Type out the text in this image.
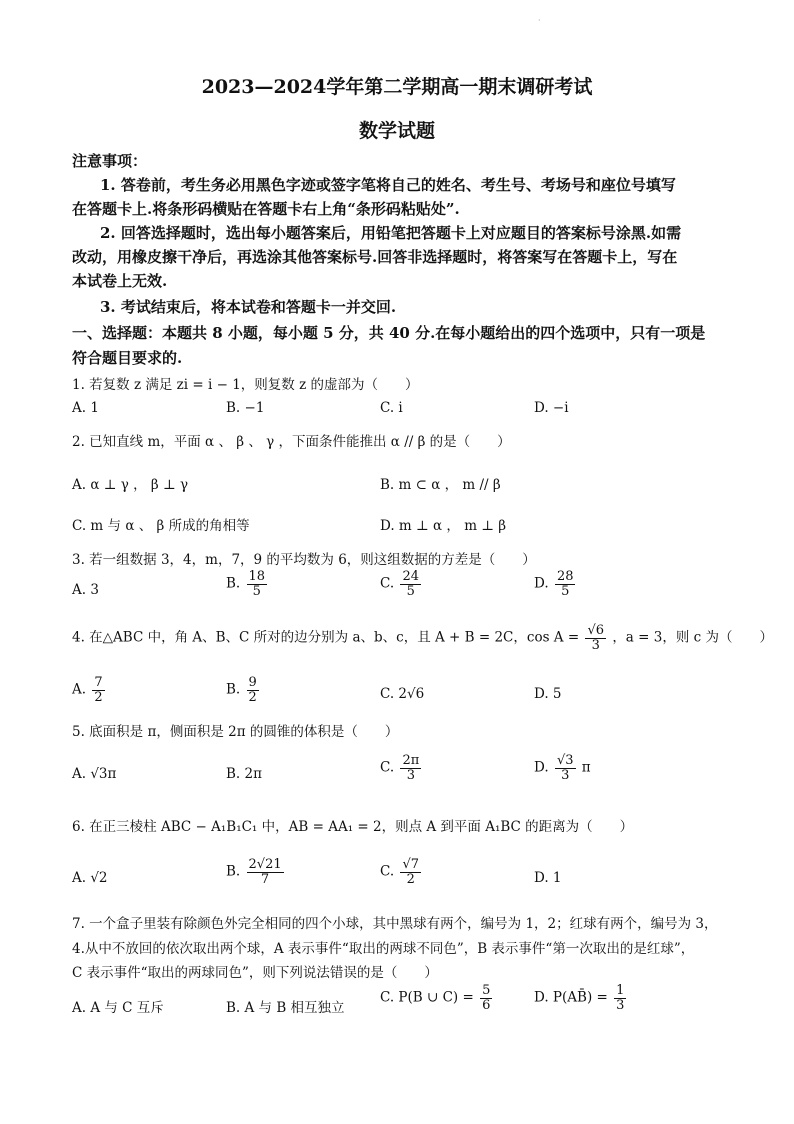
·
2023—2024学年第二学期高一期末调研考试
数学试题
注意事项：
1. 答卷前，考生务必用黑色字迹或签字笔将自己的姓名、考生号、考场号和座位号填写
在答题卡上.将条形码横贴在答题卡右上角“条形码粘贴处”.
2. 回答选择题时，选出每小题答案后，用铅笔把答题卡上对应题目的答案标号涂黑.如需
改动，用橡皮擦干净后，再选涂其他答案标号.回答非选择题时，将答案写在答题卡上，写在
本试卷上无效.
3. 考试结束后，将本试卷和答题卡一并交回.
一、选择题：本题共 8 小题，每小题 5 分，共 40 分.在每小题给出的四个选项中，只有一项是
符合题目要求的.
1. 若复数 z 满足 zi = i − 1，则复数 z 的虚部为（　　）
A. 1	B. −1	C. i	D. −i
2. 已知直线 m，平面 α 、 β 、 γ ，下面条件能推出 α // β 的是（　　）
A. α ⊥ γ ， β ⊥ γ	B. m ⊂ α ， m // β
C. m 与 α 、 β 所成的角相等	D. m ⊥ α ， m ⊥ β
3. 若一组数据 3，4，m，7，9 的平均数为 6，则这组数据的方差是（　　）
A. 3	B. $\frac{18}{5}$	C. $\frac{24}{5}$	D. $\frac{28}{5}$
4. 在△ABC 中，角 A、B、C 所对的边分别为 a、b、c，且 A + B = 2C，$\cos A = \frac{√6}{3}$ ，a = 3，则 c 为（　　）
A. $\frac{7}{2}$	B. $\frac{9}{2}$	C. 2√6	D. 5
5. 底面积是 π，侧面积是 2π 的圆锥的体积是（　　）
A. √3π	B. 2π	C. $\frac{2\pi}{3}$	D. $\frac{√3}{3}$ π
6. 在正三棱柱 ABC − A₁B₁C₁ 中，AB = AA₁ = 2，则点 A 到平面 A₁BC 的距离为（　　）
A. √2	B. $\frac{2√21}{7}$	C. $\frac{√7}{2}$	D. 1
7. 一个盒子里装有除颜色外完全相同的四个小球，其中黑球有两个，编号为 1，2；红球有两个，编号为 3，
4.从中不放回的依次取出两个球，A 表示事件“取出的两球不同色”，B 表示事件“第一次取出的是红球”，
C 表示事件“取出的两球同色”，则下列说法错误的是（　　）
A. A 与 C 互斥	B. A 与 B 相互独立
C. P(B ∪ $C) = \frac{5}{6}$	D. P(AB̄) = $\frac{1}{3}$
